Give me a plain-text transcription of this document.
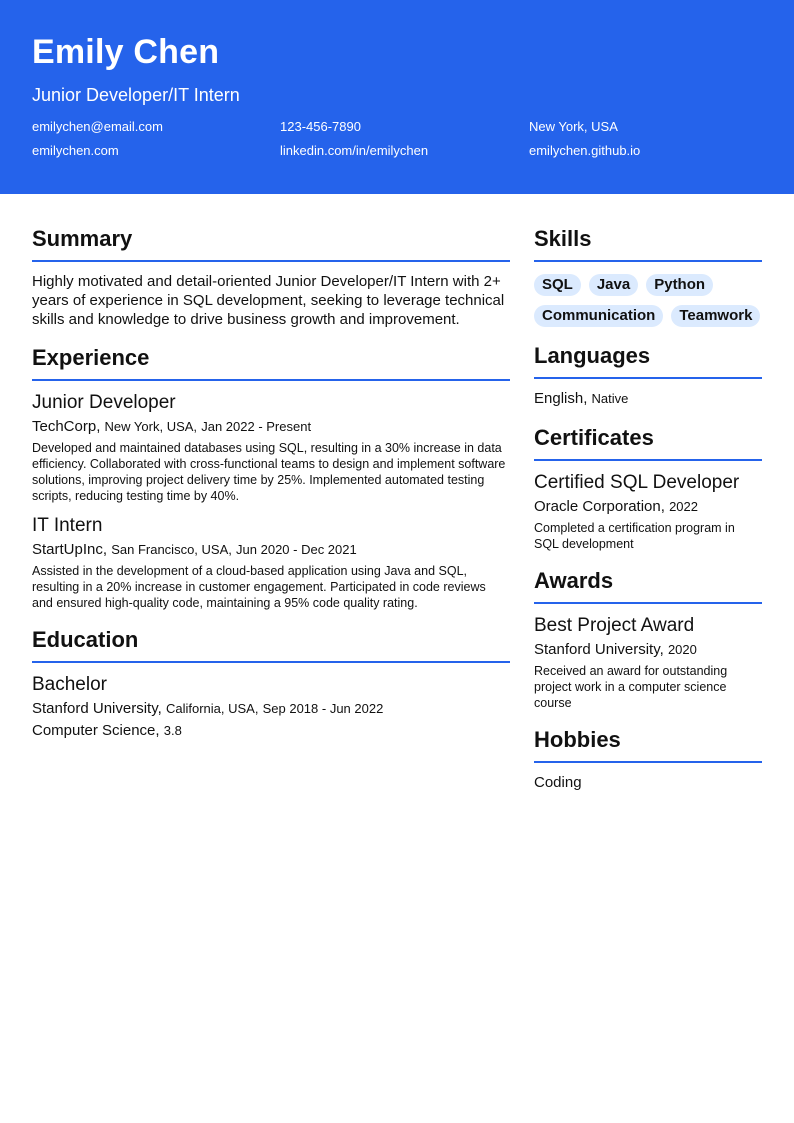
Emily Chen
Junior Developer/IT Intern
emilychen@email.com	123-456-7890	New York, USA
emilychen.com	linkedin.com/in/emilychen	emilychen.github.io
Summary
Highly motivated and detail-oriented Junior Developer/IT Intern with 2+ years of experience in SQL development, seeking to leverage technical skills and knowledge to drive business growth and improvement.
Experience
Junior Developer
TechCorp, New York, USA, Jan 2022 - Present
Developed and maintained databases using SQL, resulting in a 30% increase in data efficiency. Collaborated with cross-functional teams to design and implement software solutions, improving project delivery time by 25%. Implemented automated testing scripts, reducing testing time by 40%.
IT Intern
StartUpInc, San Francisco, USA, Jun 2020 - Dec 2021
Assisted in the development of a cloud-based application using Java and SQL, resulting in a 20% increase in customer engagement. Participated in code reviews and ensured high-quality code, maintaining a 95% code quality rating.
Education
Bachelor
Stanford University, California, USA, Sep 2018 - Jun 2022
Computer Science, 3.8
Skills
SQL	Java	Python
Communication	Teamwork
Languages
English, Native
Certificates
Certified SQL Developer
Oracle Corporation, 2022
Completed a certification program in SQL development
Awards
Best Project Award
Stanford University, 2020
Received an award for outstanding project work in a computer science course
Hobbies
Coding
